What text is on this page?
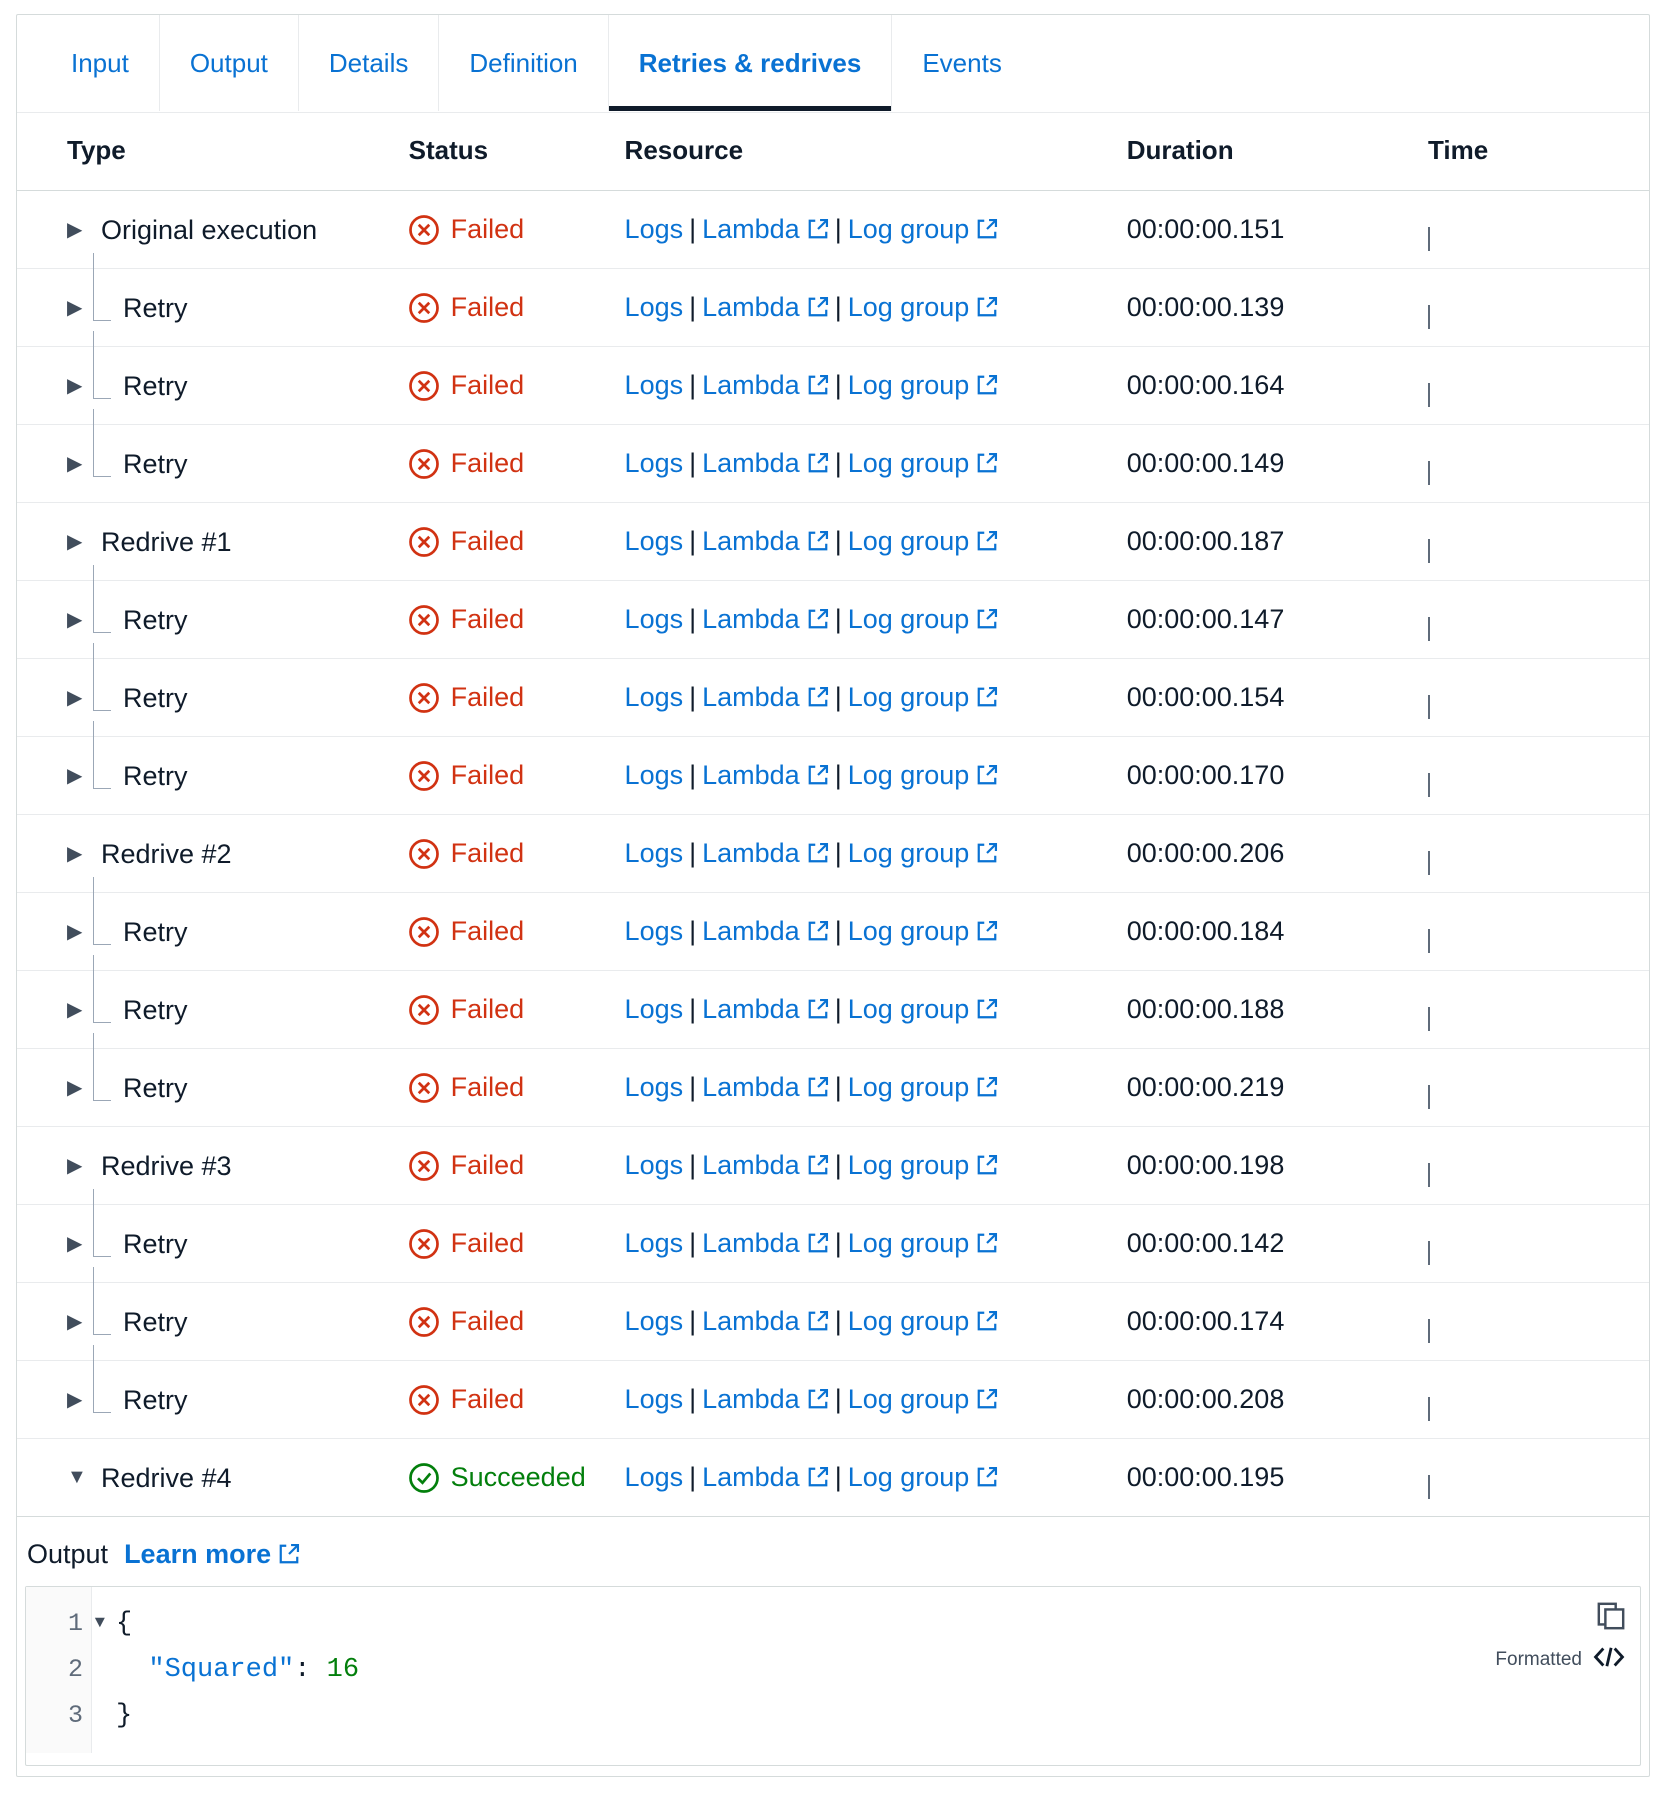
Input Output Details Definition Retries & redrives Events
Type	Status	Resource	Duration	Time
▶ Original execution	Failed	Logs | Lambda | Log group	00:00:00.151	

▶ Retry	Failed	Logs | Lambda | Log group	00:00:00.139	

▶ Retry	Failed	Logs | Lambda | Log group	00:00:00.164	

▶ Retry	Failed	Logs | Lambda | Log group	00:00:00.149	

▶ Redrive #1	Failed	Logs | Lambda | Log group	00:00:00.187	

▶ Retry	Failed	Logs | Lambda | Log group	00:00:00.147	

▶ Retry	Failed	Logs | Lambda | Log group	00:00:00.154	

▶ Retry	Failed	Logs | Lambda | Log group	00:00:00.170	

▶ Redrive #2	Failed	Logs | Lambda | Log group	00:00:00.206	

▶ Retry	Failed	Logs | Lambda | Log group	00:00:00.184	

▶ Retry	Failed	Logs | Lambda | Log group	00:00:00.188	

▶ Retry	Failed	Logs | Lambda | Log group	00:00:00.219	

▶ Redrive #3	Failed	Logs | Lambda | Log group	00:00:00.198	

▶ Retry	Failed	Logs | Lambda | Log group	00:00:00.142	

▶ Retry	Failed	Logs | Lambda | Log group	00:00:00.174	

▶ Retry	Failed	Logs | Lambda | Log group	00:00:00.208	

▼ Redrive #4	Succeeded	Logs | Lambda | Log group	00:00:00.195	
Output Learn more
1 ▼
2
3
{
"Squared": 16
}
Formatted
